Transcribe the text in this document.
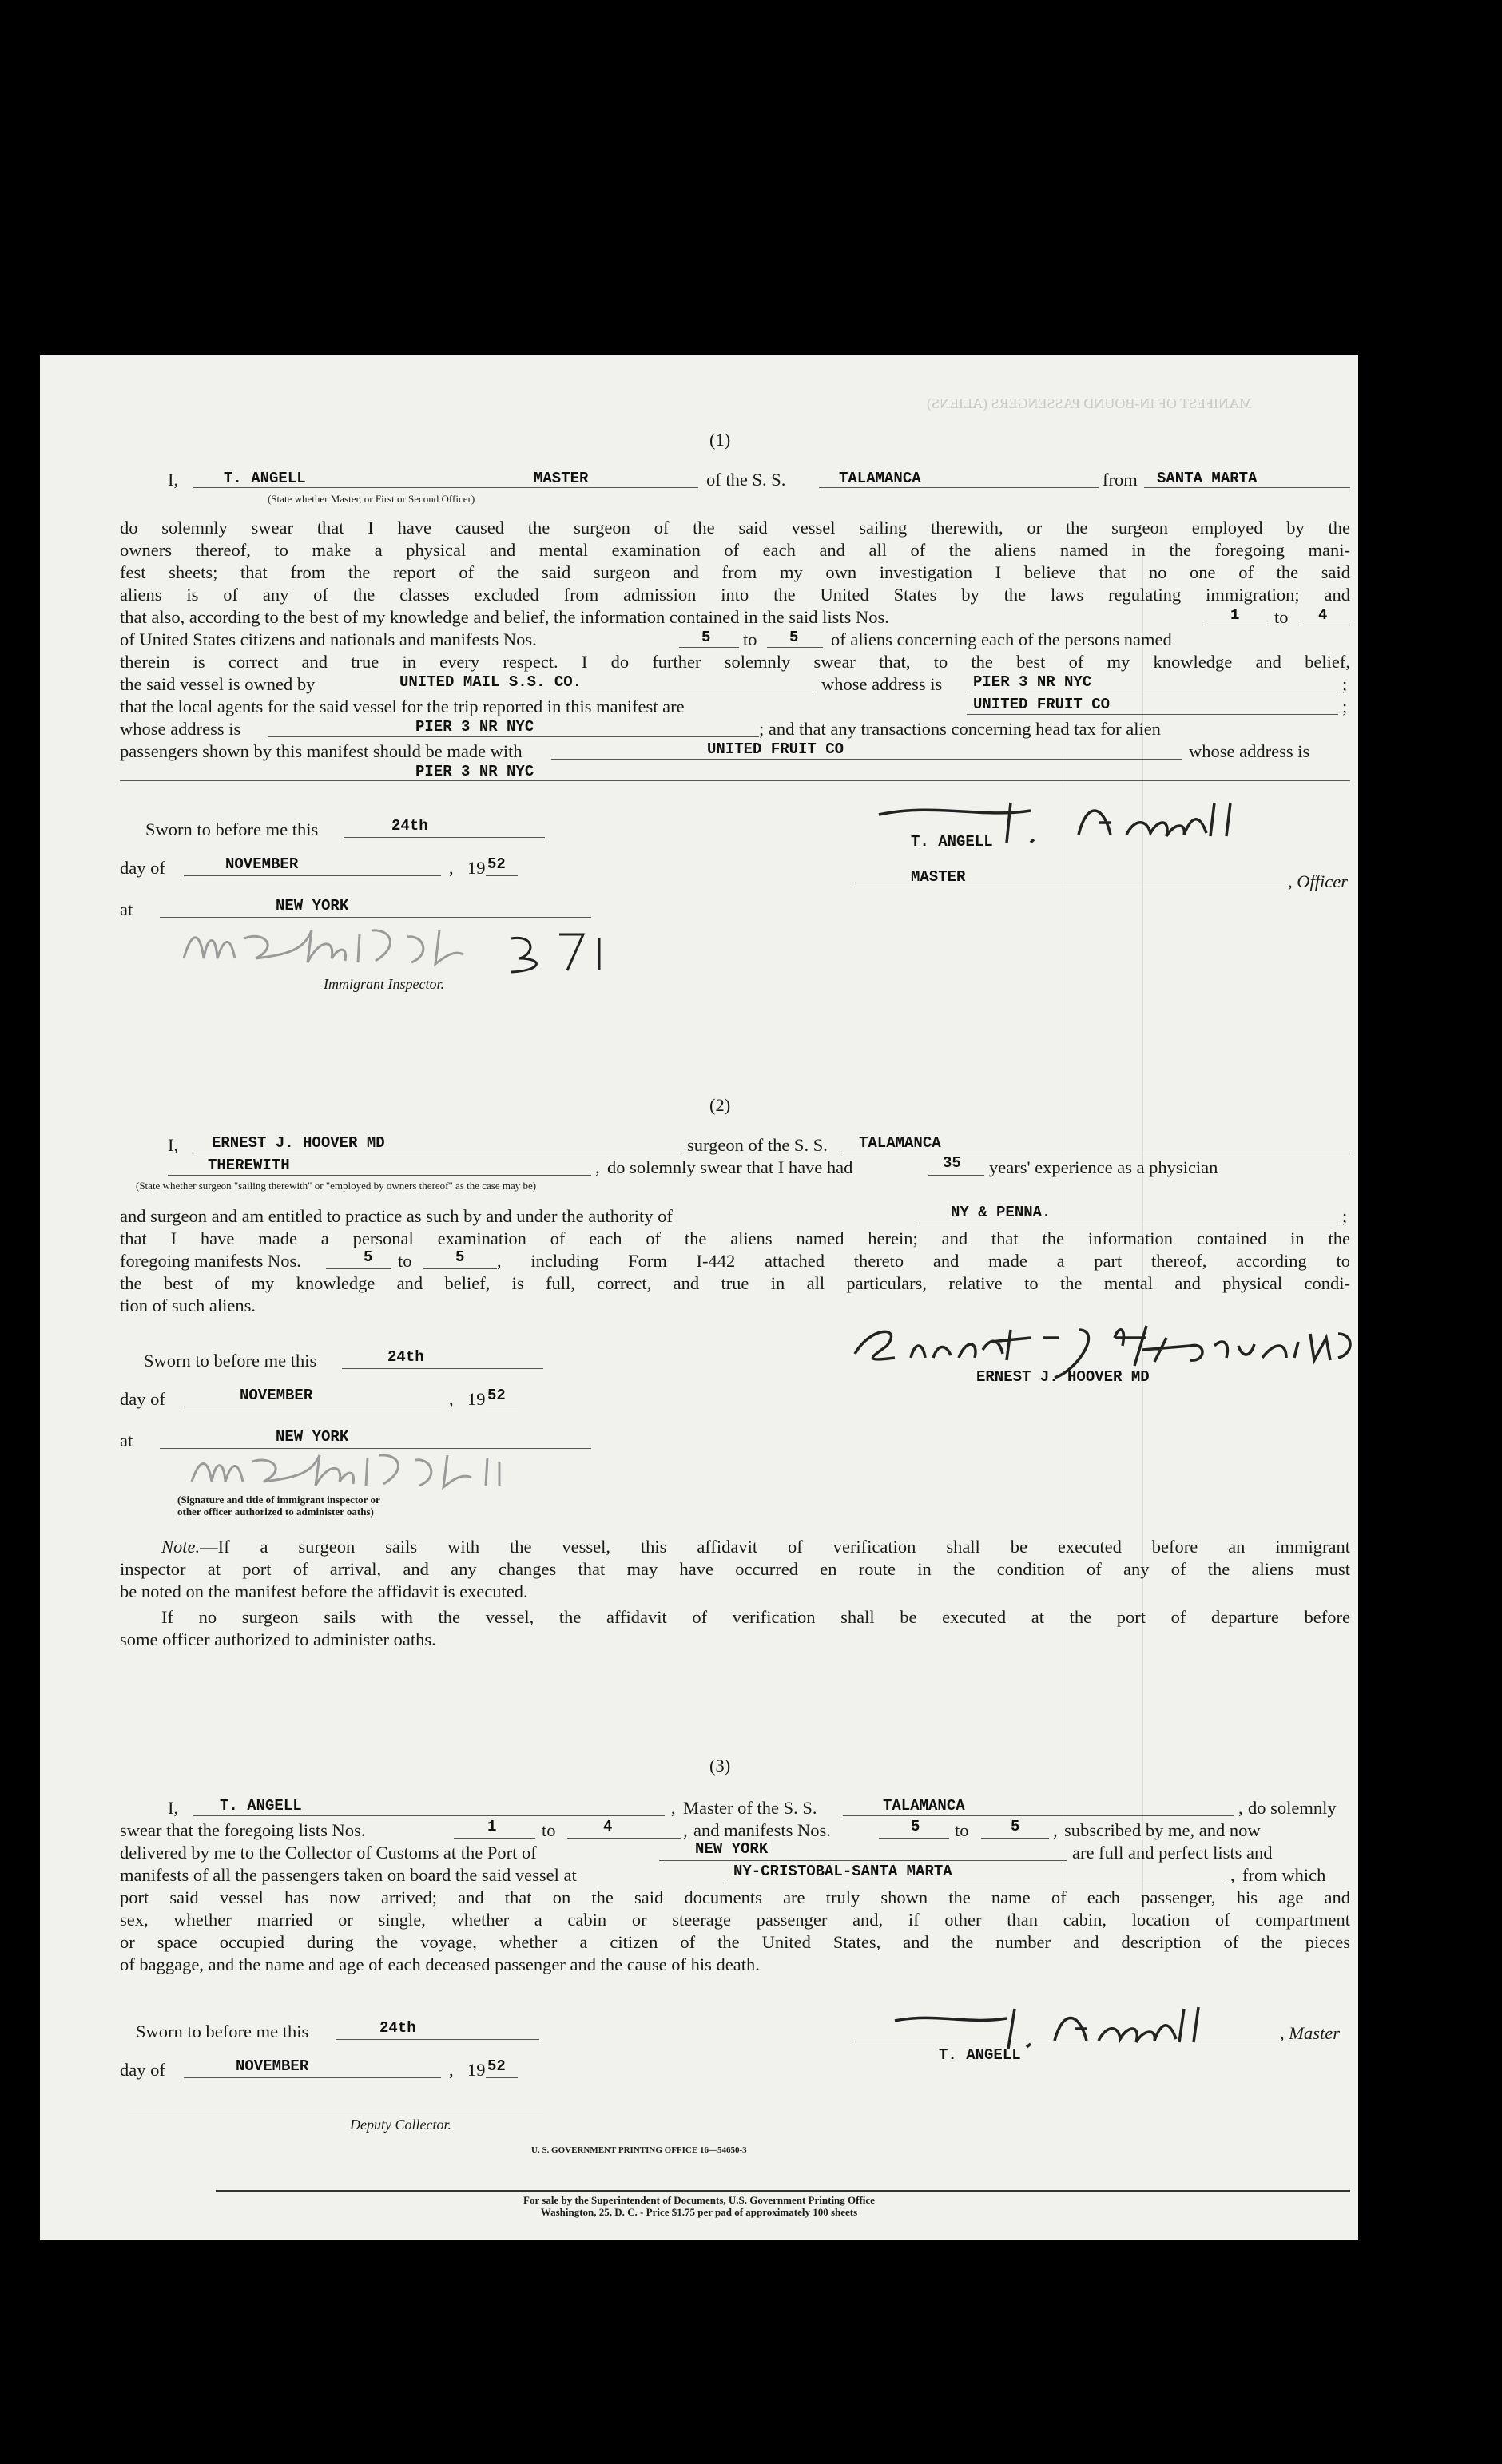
MANIFEST OF IN-BOUND PASSENGERS (ALIENS)
(1)
I,	T. ANGELL	MASTER	of the S. S.	TALAMANCA	from SANTA MARTA
(State whether Master, or First or Second Officer)
do solemnly swear that I have caused the surgeon of the said vessel sailing therewith, or the surgeon employed by the
owners thereof, to make a physical and mental examination of each and all of the aliens named in the foregoing mani-
fest sheets; that from the report of the said surgeon and from my own investigation I believe that no one of the said
aliens is of any of the classes excluded from admission into the United States by the laws regulating immigration; and
that also, according to the best of my knowledge and belief, the information contained in the said lists Nos.	1 to 4
of United States citizens and nationals and manifests Nos.	5 to 5 of aliens concerning each of the persons named
therein is correct and true in every respect. I do further solemnly swear that, to the best of my knowledge and belief,
the said vessel is owned by	UNITED MAIL S.S. CO.	whose address is PIER 3 NR NYC	;
that the local agents for the said vessel for the trip reported in this manifest are	UNITED FRUIT CO	;
whose address is	PIER 3 NR NYC	; and that any transactions concerning head tax for alien
passengers shown by this manifest should be made with	UNITED FRUIT CO	whose address is
PIER 3 NR NYC
Sworn to before me this	24th
day of	NOVEMBER	, 19 52
at	NEW YORK
Immigrant Inspector.
T. ANGELL
MASTER	, Officer
(2)
I, ERNEST J. HOOVER MD	surgeon of the S. S. TALAMANCA
THEREWITH	, do solemnly swear that I have had	35 years' experience as a physician
(State whether surgeon "sailing therewith" or "employed by owners thereof" as the case may be)
and surgeon and am entitled to practice as such by and under the authority of	NY & PENNA.	;
that I have made a personal examination of each of the aliens named herein; and that the information contained in the
foregoing manifests Nos.	5 to	5 , including Form I-442 attached thereto and made a part thereof, according to
the best of my knowledge and belief, is full, correct, and true in all particulars, relative to the mental and physical condi-
tion of such aliens.
Sworn to before me this	24th
day of	NOVEMBER	, 19 52
at	NEW YORK
(Signature and title of immigrant inspector or
other officer authorized to administer oaths)
ERNEST J. HOOVER MD
Note.—If a surgeon sails with the vessel, this affidavit of verification shall be executed before an immigrant
inspector at port of arrival, and any changes that may have occurred en route in the condition of any of the aliens must
be noted on the manifest before the affidavit is executed.
If no surgeon sails with the vessel, the affidavit of verification shall be executed at the port of departure before
some officer authorized to administer oaths.
(3)
I,	T. ANGELL	, Master of the S. S.	TALAMANCA	, do solemnly
swear that the foregoing lists Nos.	1	to	4	, and manifests Nos.	5 to	5 , subscribed by me, and now
delivered by me to the Collector of Customs at the Port of	NEW YORK	are full and perfect lists and
manifests of all the passengers taken on board the said vessel at	NY-CRISTOBAL-SANTA MARTA	, from which
port said vessel has now arrived; and that on the said documents are truly shown the name of each passenger, his age and
sex, whether married or single, whether a cabin or steerage passenger and, if other than cabin, location of compartment
or space occupied during the voyage, whether a citizen of the United States, and the number and description of the pieces
of baggage, and the name and age of each deceased passenger and the cause of his death.
Sworn to before me this	24th
day of	NOVEMBER	, 19 52
Deputy Collector.
, Master
T. ANGELL
U. S. GOVERNMENT PRINTING OFFICE 16—54650-3
For sale by the Superintendent of Documents, U.S. Government Printing Office
Washington, 25, D. C. - Price $1.75 per pad of approximately 100 sheets
